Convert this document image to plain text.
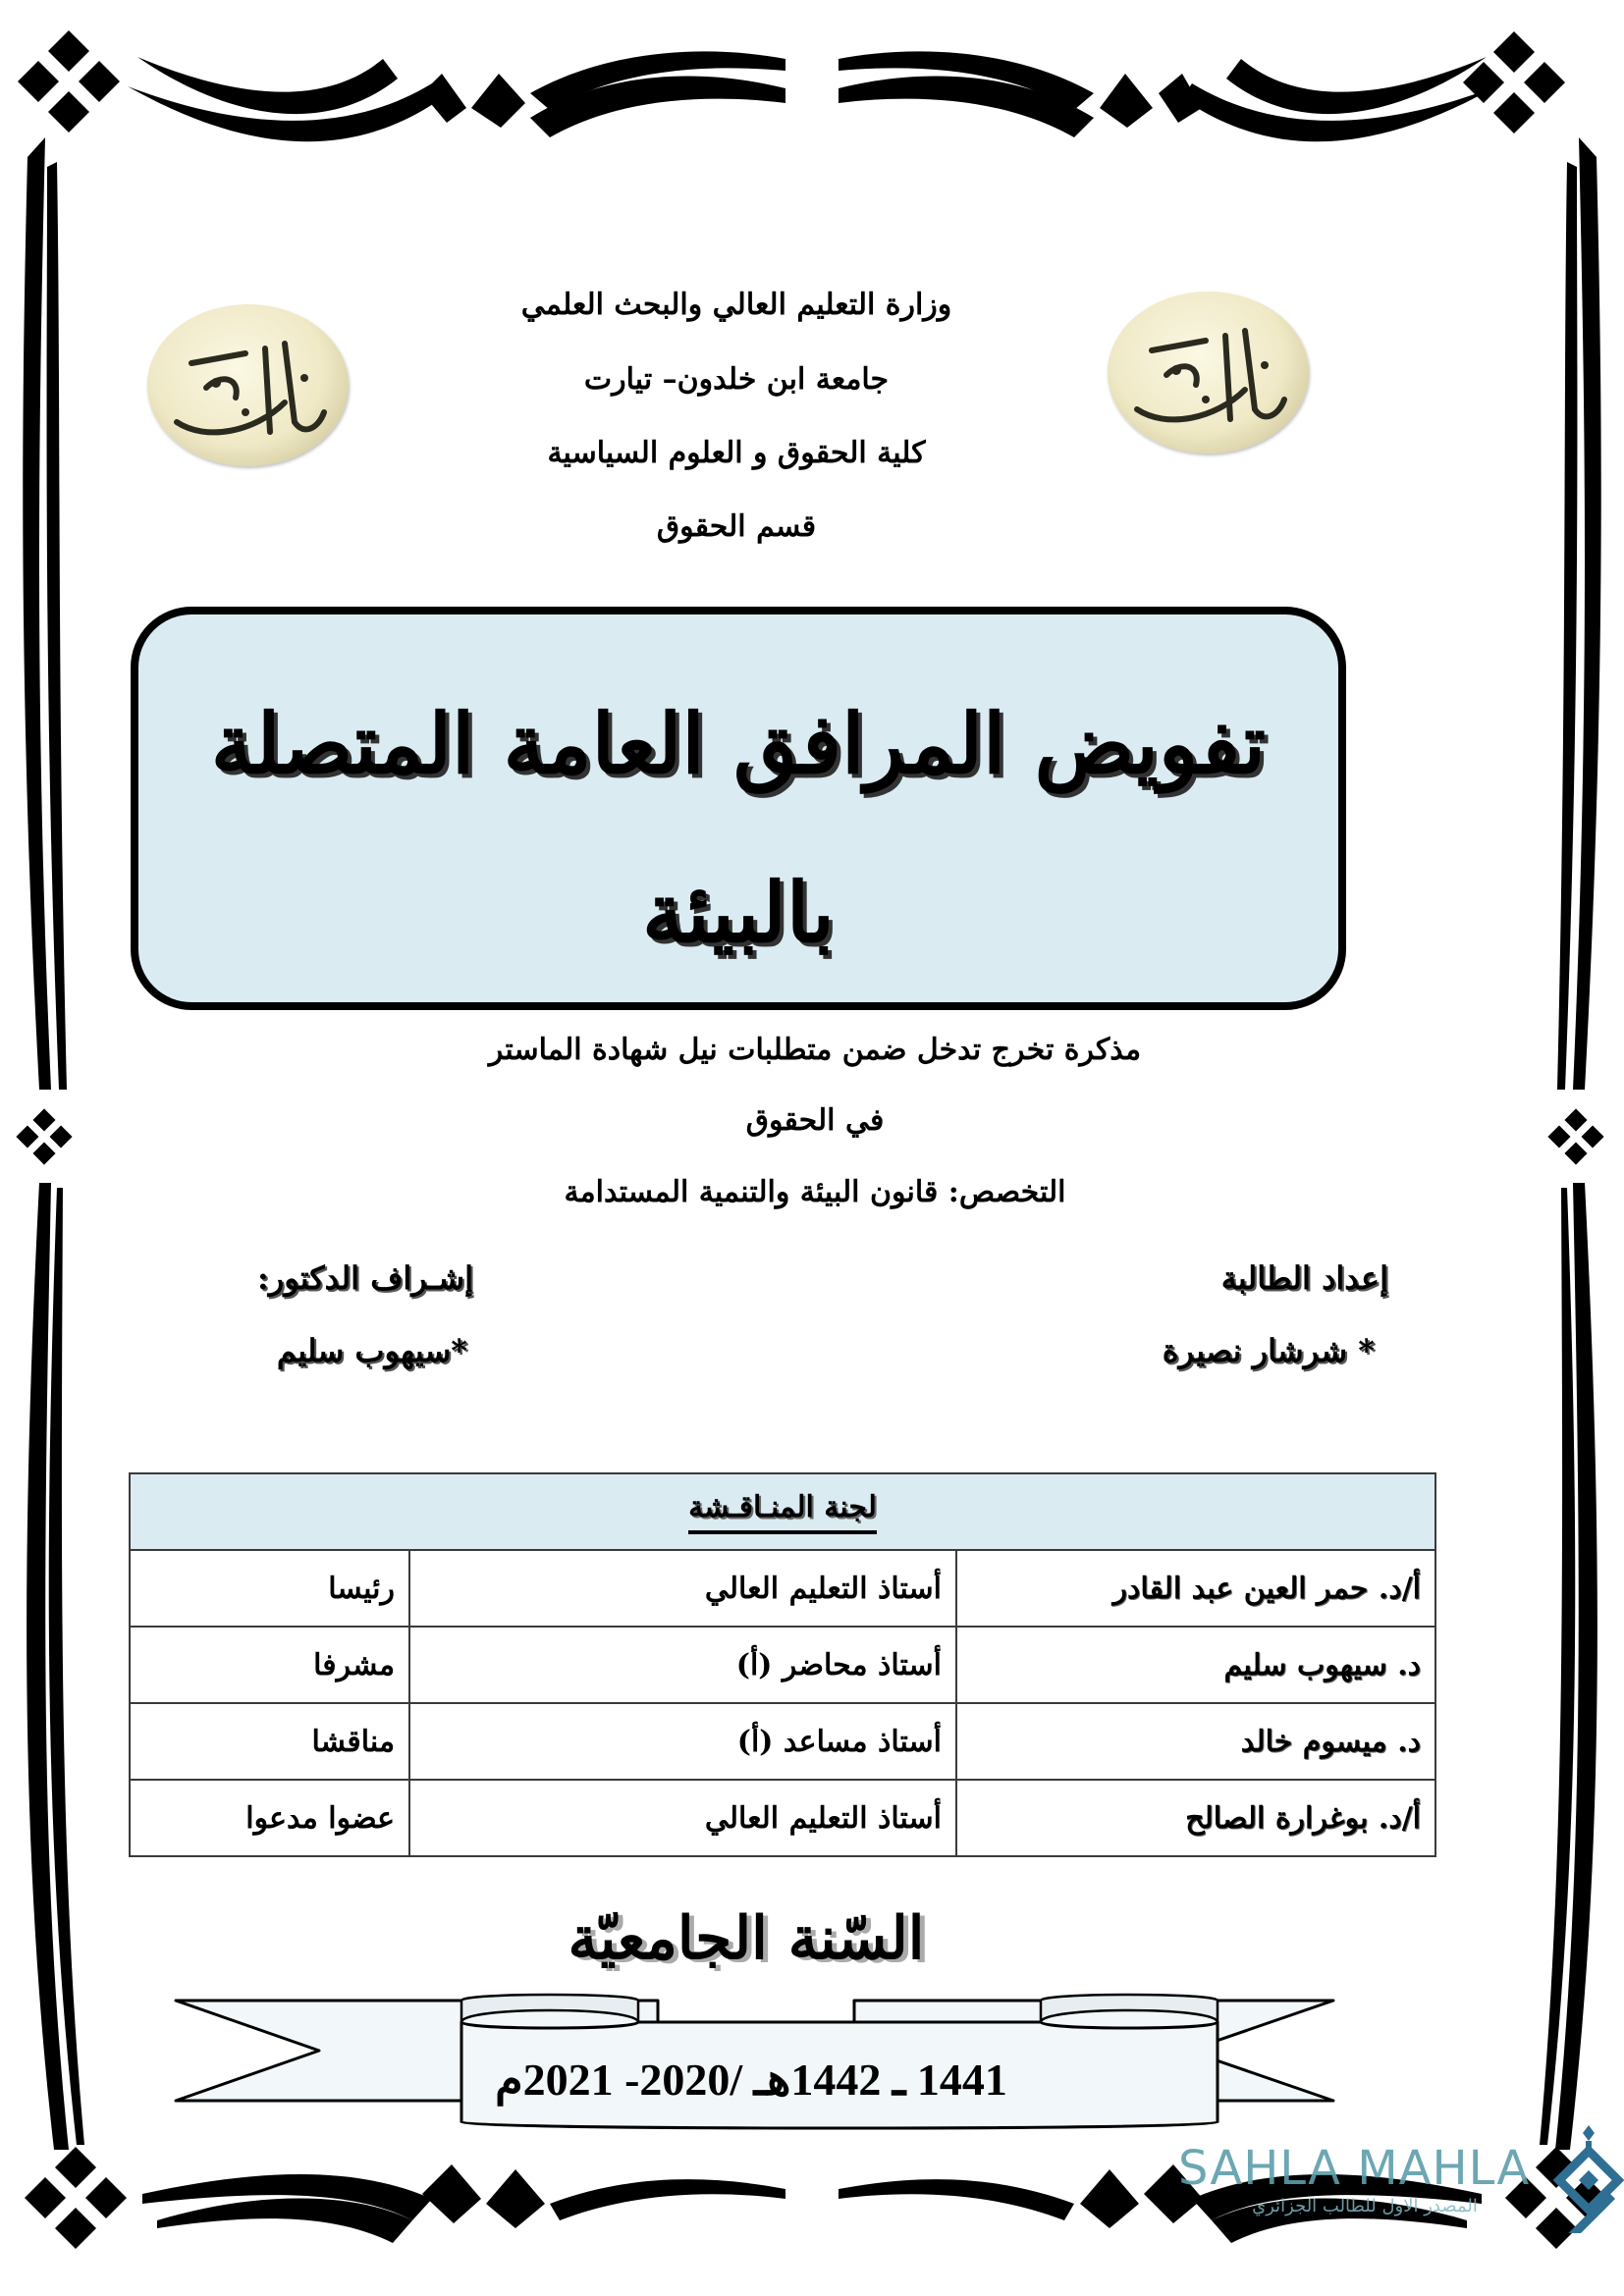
وزارة التعليم العالي والبحث العلمي
جامعة ابن خلدون– تيارت
كلية الحقوق و العلوم السياسية
قسم الحقوق
تفويض المرافق العامة المتصلة
بالبيئة
مذكرة تخرج تدخل ضمن متطلبات نيل شهادة الماستر
في الحقوق
التخصص: قانون البيئة والتنمية المستدامة
إعداد الطالبة
* شرشار نصيرة
إشـراف الدكتور:
*سيهوب سليم
لجنة المنـاقـشة		
أ/د. حمر العين عبد القادر	أستاذ التعليم العالي	رئيسا
د. سيهوب سليم	أستاذ محاضر (أ)	مشرفا
د. ميسوم خالد	أستاذ مساعد (أ)	مناقشا
أ/د. بوغرارة الصالح	أستاذ التعليم العالي	عضوا مدعوا
السّنة الجامعيّة
1441 ـ 1442هـ /2020- 2021م
SAHLA MAHLA
المصدر الاول للطالب الجزائري
